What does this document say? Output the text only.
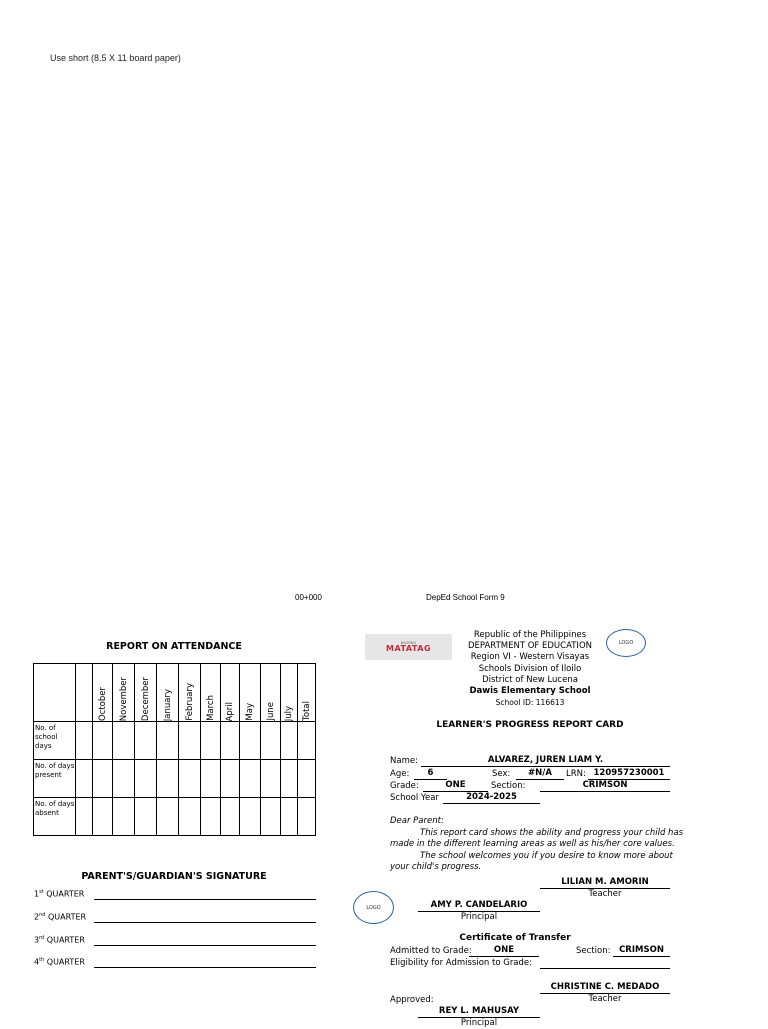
Use short (8.5 X 11 board paper)
00+000	DepEd School Form 9
REPORT ON ATTENDANCE

		October	November	December	January	February	March	April	May	June	July	Total

No. of school days												
No. of days present												
No. of days absent												
PARENT'S/GUARDIAN'S SIGNATURE
1st QUARTER
2nd QUARTER
3rd QUARTER
4th QUARTER
BAGONG
MATATAG
LOGO
Republic of the Philippines
DEPARTMENT OF EDUCATION
Region VI - Western Visayas
Schools Division of Iloilo
District of New Lucena
Dawis Elementary School
School ID: 116613
LEARNER'S PROGRESS REPORT CARD
Name:	ALVAREZ, JUREN LIAM Y.
Age:	6	Sex:	#N/A	LRN: 120957230001
Grade:	ONE	Section:	CRIMSON
School Year	2024-2025
Dear Parent:
This report card shows the ability and progress your child has made in the different learning areas as well as his/her core values.
The school welcomes you if you desire to know more about your child's progress.
LILIAN M. AMORIN
Teacher
LOGO	AMY P. CANDELARIO
Principal
Certificate of Transfer
Admitted to Grade:	ONE	Section:	CRIMSON
Eligibility for Admission to Grade:
CHRISTINE C. MEDADO
Teacher
Approved:
REY L. MAHUSAY
Principal
